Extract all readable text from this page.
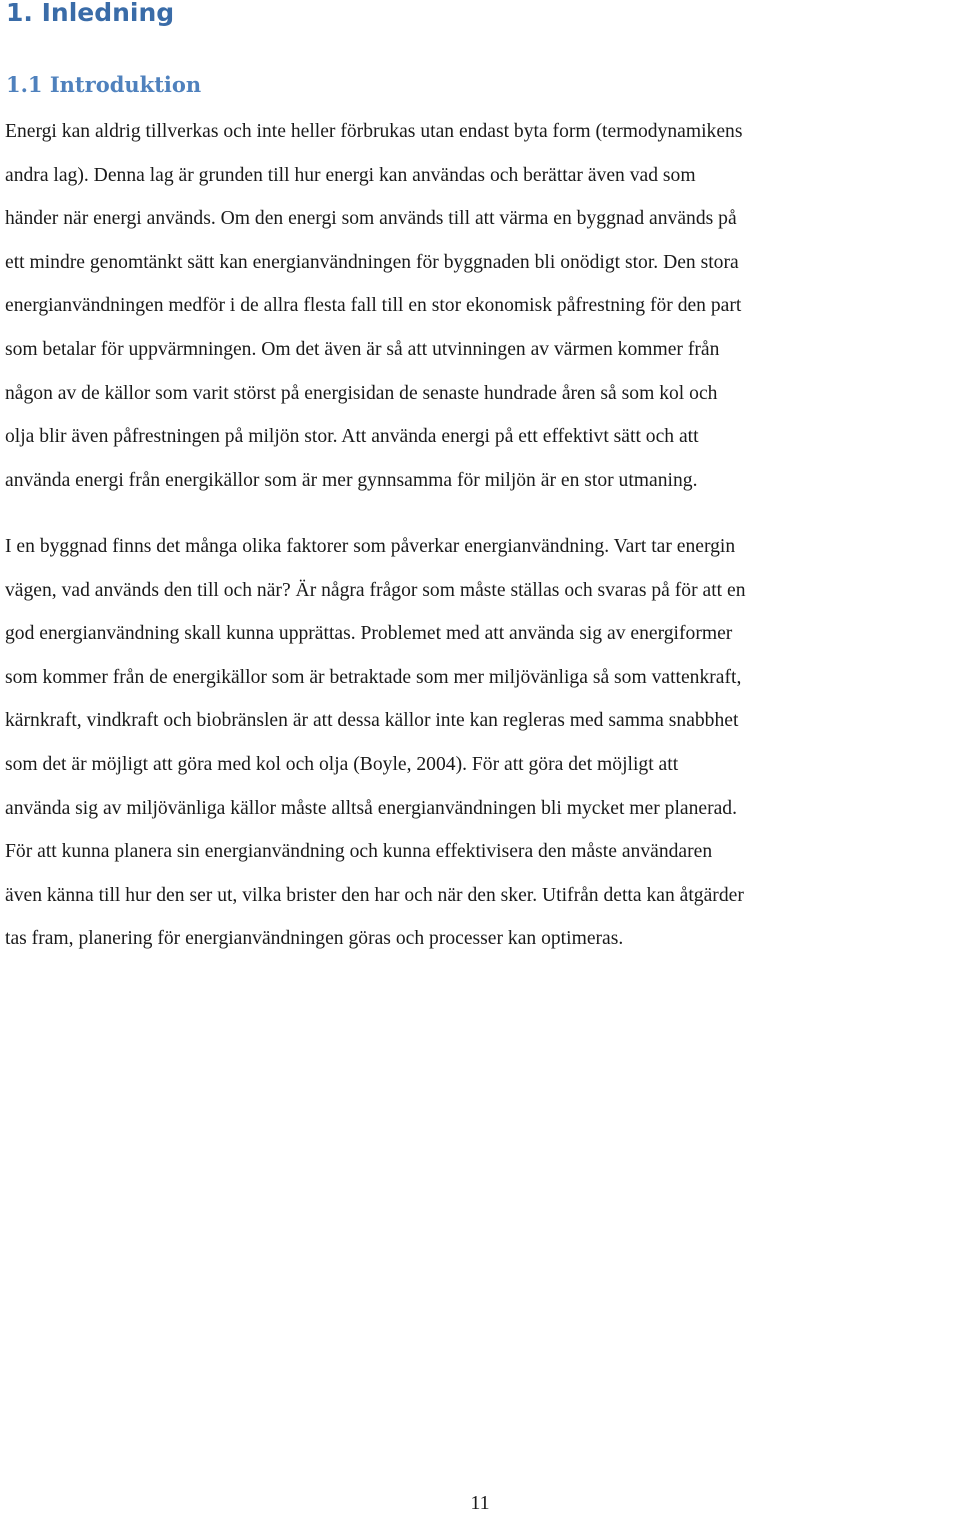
1. Inledning
1.1 Introduktion

Energi kan aldrig tillverkas och inte heller förbrukas utan endast byta form (termodynamikens
andra lag). Denna lag är grunden till hur energi kan användas och berättar även vad som
händer när energi används. Om den energi som används till att värma en byggnad används på
ett mindre genomtänkt sätt kan energianvändningen för byggnaden bli onödigt stor. Den stora
energianvändningen medför i de allra flesta fall till en stor ekonomisk påfrestning för den part
som betalar för uppvärmningen. Om det även är så att utvinningen av värmen kommer från
någon av de källor som varit störst på energisidan de senaste hundrade åren så som kol och
olja blir även påfrestningen på miljön stor. Att använda energi på ett effektivt sätt och att
använda energi från energikällor som är mer gynnsamma för miljön är en stor utmaning.

I en byggnad finns det många olika faktorer som påverkar energianvändning. Vart tar energin
vägen, vad används den till och när? Är några frågor som måste ställas och svaras på för att en
god energianvändning skall kunna upprättas. Problemet med att använda sig av energiformer
som kommer från de energikällor som är betraktade som mer miljövänliga så som vattenkraft,
kärnkraft, vindkraft och biobränslen är att dessa källor inte kan regleras med samma snabbhet
som det är möjligt att göra med kol och olja (Boyle, 2004). För att göra det möjligt att
använda sig av miljövänliga källor måste alltså energianvändningen bli mycket mer planerad.
För att kunna planera sin energianvändning och kunna effektivisera den måste användaren
även känna till hur den ser ut, vilka brister den har och när den sker. Utifrån detta kan åtgärder
tas fram, planering för energianvändningen göras och processer kan optimeras.

11
